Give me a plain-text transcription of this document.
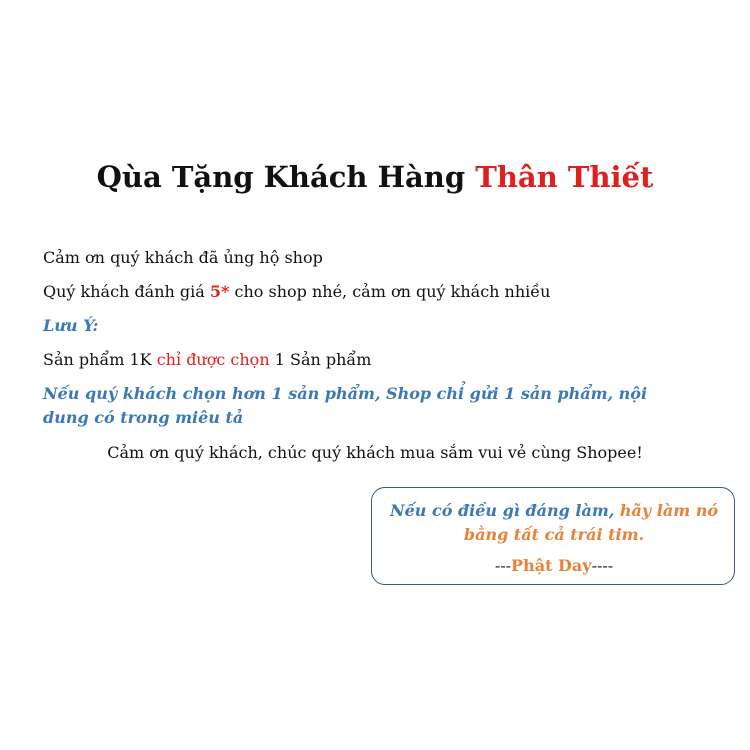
Qùa Tặng Khách Hàng Thân Thiết

Cảm ơn quý khách đã ủng hộ shop

Quý khách đánh giá 5* cho shop nhé, cảm ơn quý khách nhiều

Lưu Ý:

Sản phẩm 1K chỉ được chọn 1 Sản phẩm

Nếu quý khách chọn hơn 1 sản phẩm, Shop chỉ gửi 1 sản phẩm, nội dung có trong miêu tả

Cảm ơn quý khách, chúc quý khách mua sắm vui vẻ cùng Shopee!

Nếu có điều gì đáng làm, hãy làm nó
bằng tất cả trái tim.

---Phật Day----
